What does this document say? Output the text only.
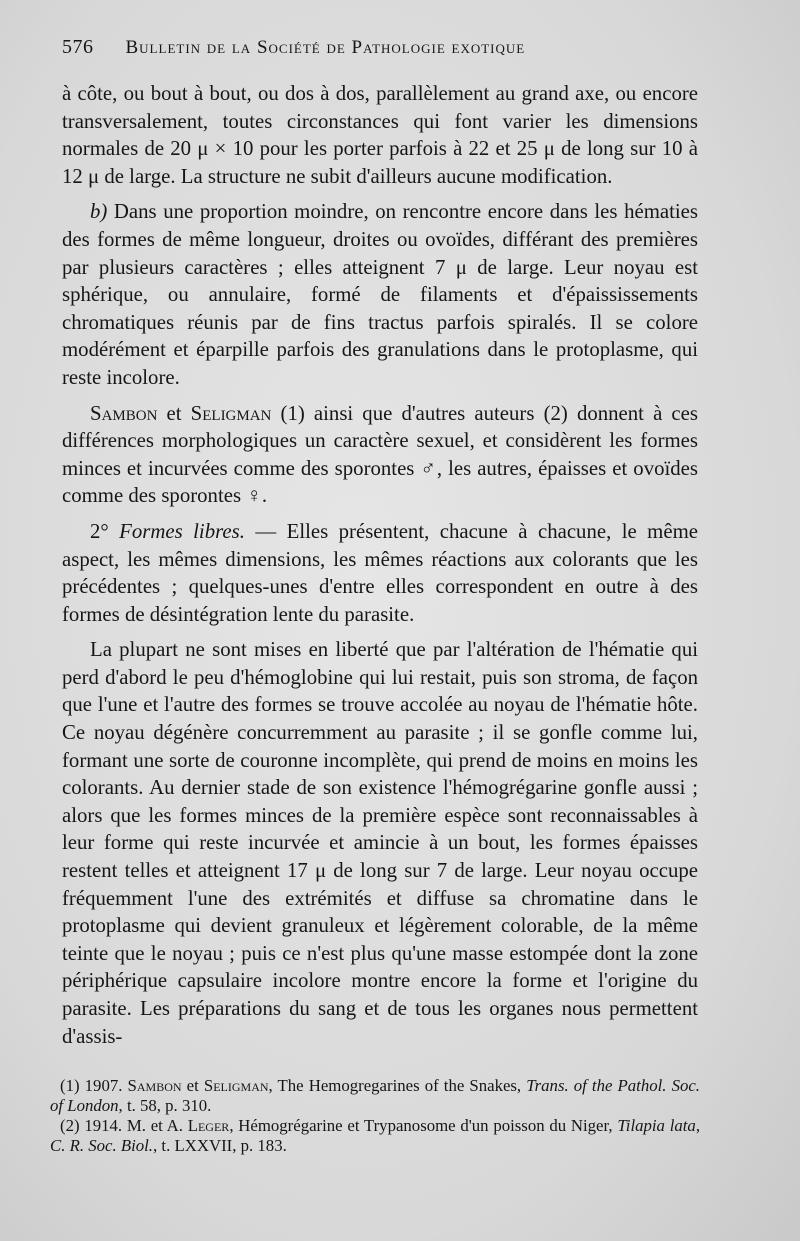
576 Bulletin de la Société de Pathologie exotique

à côte, ou bout à bout, ou dos à dos, parallèlement au grand axe, ou encore transversalement, toutes circonstances qui font varier les dimensions normales de 20 μ × 10 pour les porter parfois à 22 et 25 μ de long sur 10 à 12 μ de large. La structure ne subit d'ailleurs aucune modification.

b) Dans une proportion moindre, on rencontre encore dans les hématies des formes de même longueur, droites ou ovoïdes, différant des premières par plusieurs caractères ; elles atteignent 7 μ de large. Leur noyau est sphérique, ou annulaire, formé de filaments et d'épaississements chromatiques réunis par de fins tractus parfois spiralés. Il se colore modérément et éparpille parfois des granulations dans le protoplasme, qui reste incolore.

Sambon et Seligman (1) ainsi que d'autres auteurs (2) donnent à ces différences morphologiques un caractère sexuel, et considèrent les formes minces et incurvées comme des sporontes ♂, les autres, épaisses et ovoïdes comme des sporontes ♀.

2° Formes libres. — Elles présentent, chacune à chacune, le même aspect, les mêmes dimensions, les mêmes réactions aux colorants que les précédentes ; quelques-unes d'entre elles correspondent en outre à des formes de désintégration lente du parasite.

La plupart ne sont mises en liberté que par l'altération de l'hématie qui perd d'abord le peu d'hémoglobine qui lui restait, puis son stroma, de façon que l'une et l'autre des formes se trouve accolée au noyau de l'hématie hôte. Ce noyau dégénère concurremment au parasite ; il se gonfle comme lui, formant une sorte de couronne incomplète, qui prend de moins en moins les colorants. Au dernier stade de son existence l'hémogrégarine gonfle aussi ; alors que les formes minces de la première espèce sont reconnaissables à leur forme qui reste incurvée et amincie à un bout, les formes épaisses restent telles et atteignent 17 μ de long sur 7 de large. Leur noyau occupe fréquemment l'une des extrémités et diffuse sa chromatine dans le protoplasme qui devient granuleux et légèrement colorable, de la même teinte que le noyau ; puis ce n'est plus qu'une masse estompée dont la zone périphérique capsulaire incolore montre encore la forme et l'origine du parasite. Les préparations du sang et de tous les organes nous permettent d'assis-

(1) 1907. Sambon et Seligman, The Hemogregarines of the Snakes, Trans. of the Pathol. Soc. of London, t. 58, p. 310.

(2) 1914. M. et A. Leger, Hémogrégarine et Trypanosome d'un poisson du Niger, Tilapia lata, C. R. Soc. Biol., t. LXXVII, p. 183.
